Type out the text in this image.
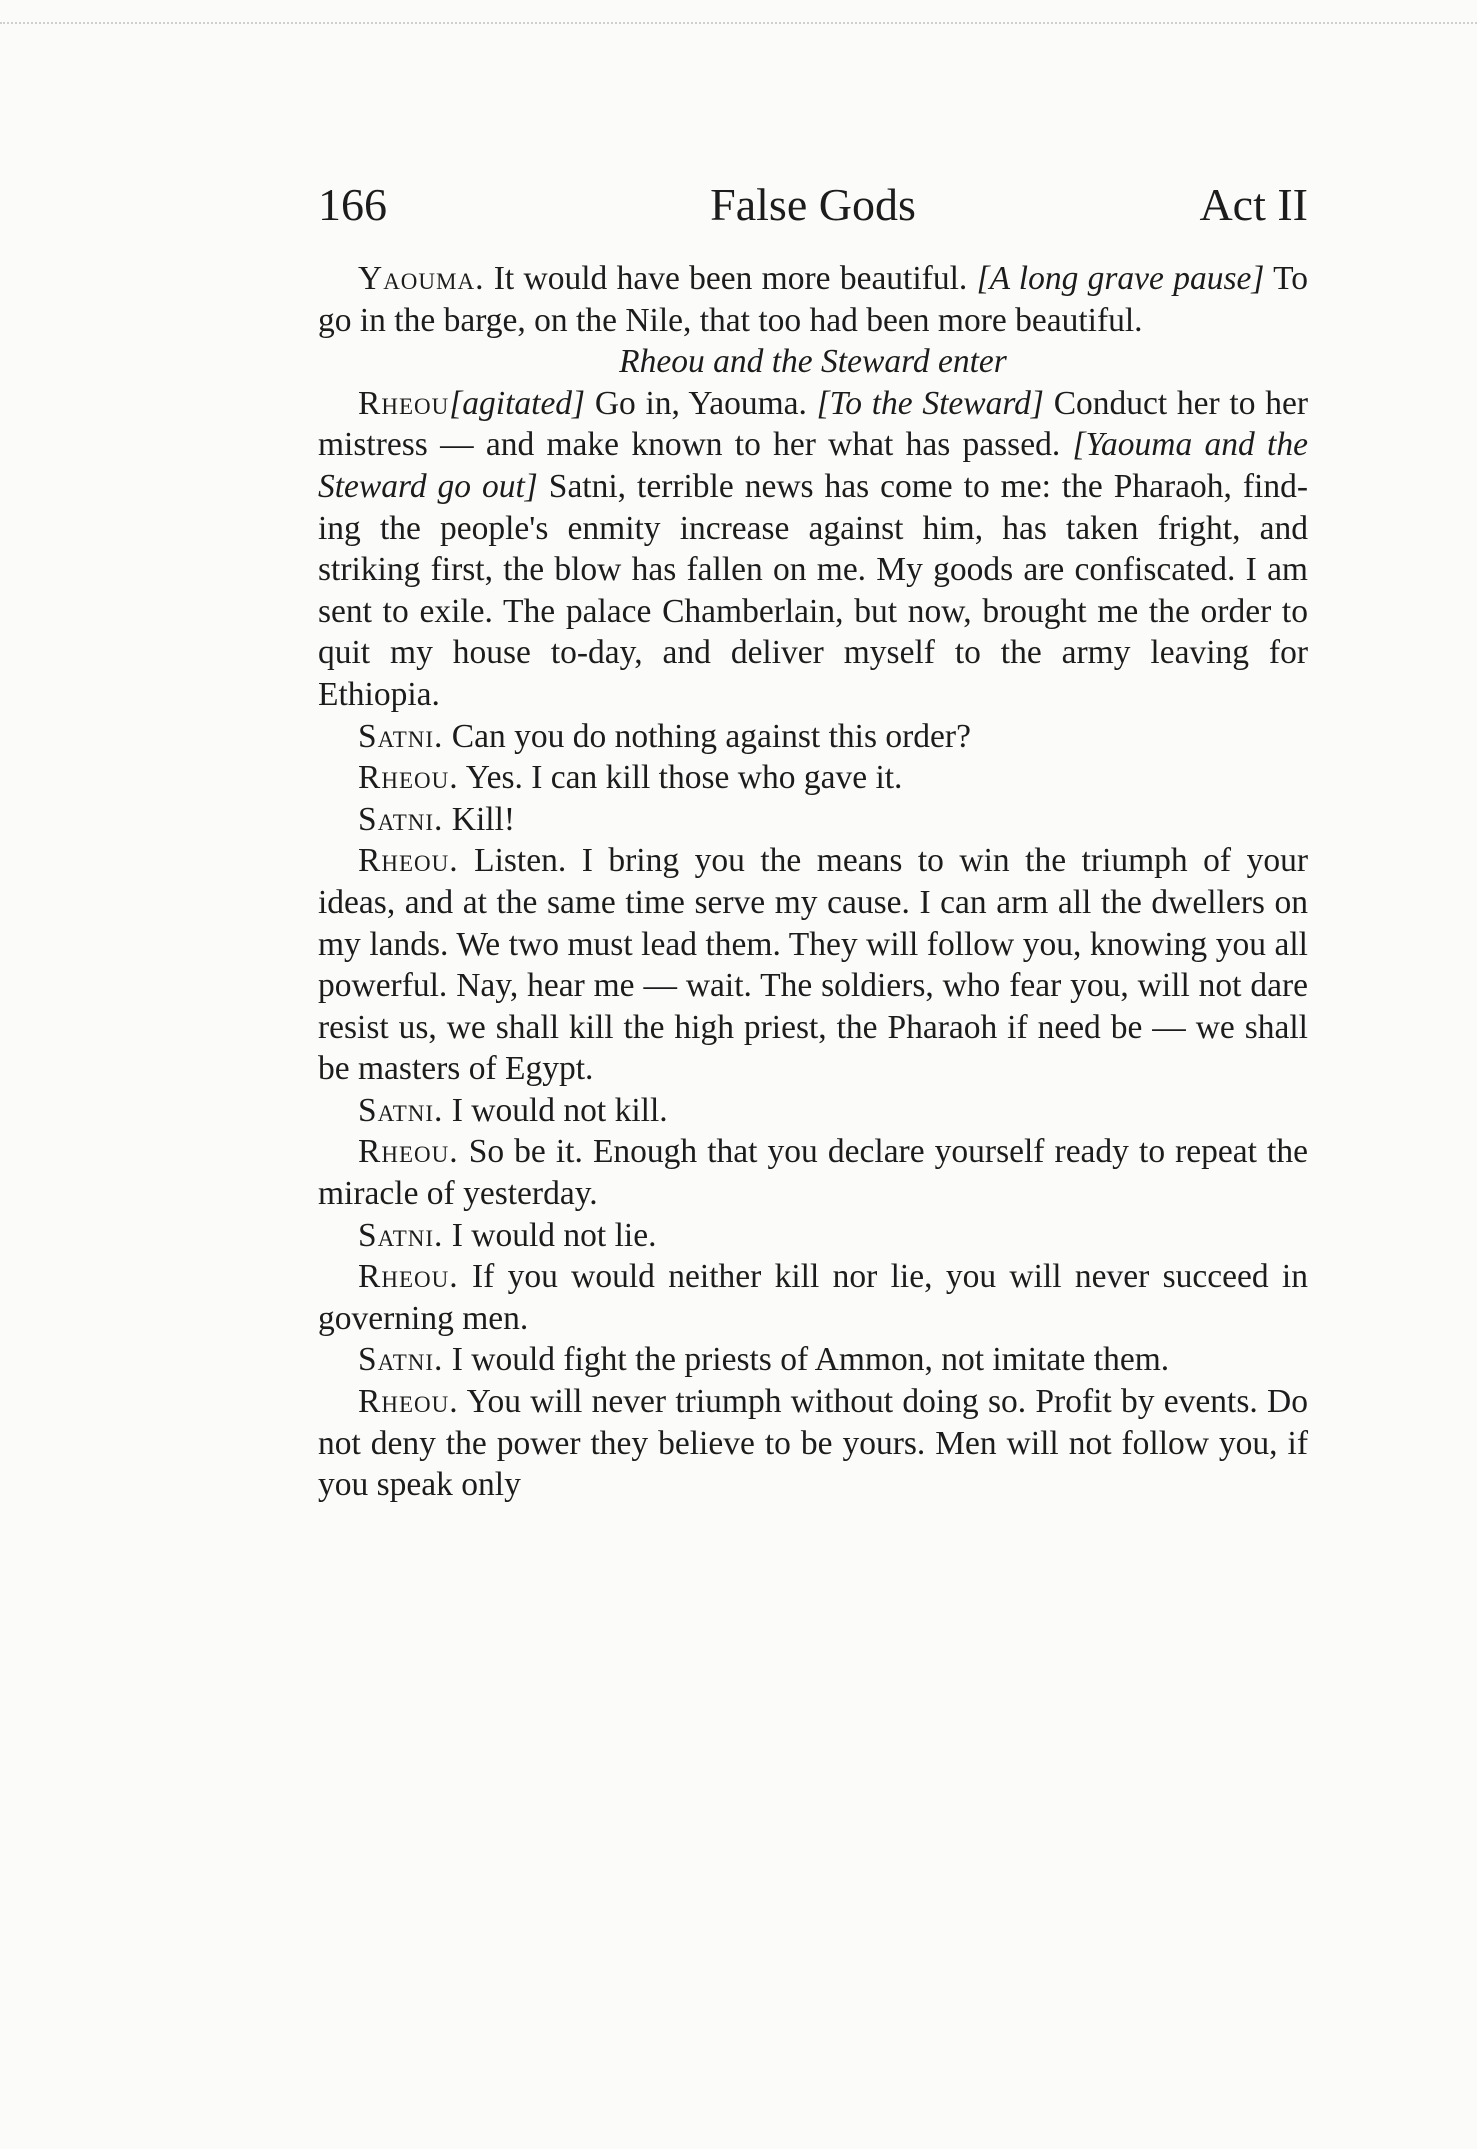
166	False Gods	Act II

Yaouma. It would have been more beautiful. [A long grave pause] To go in the barge, on the Nile, that too had been more beautiful.

Rheou and the Steward enter

Rheou[agitated] Go in, Yaouma. [To the Steward] Conduct her to her mistress — and make known to her what has passed. [Yaouma and the Steward go out] Satni, terrible news has come to me: the Pharaoh, finding the people's enmity increase against him, has taken fright, and striking first, the blow has fallen on me. My goods are confiscated. I am sent to exile. The palace Chamberlain, but now, brought me the order to quit my house to-day, and deliver myself to the army leaving for Ethiopia.

Satni. Can you do nothing against this order?

Rheou. Yes. I can kill those who gave it.

Satni. Kill!

Rheou. Listen. I bring you the means to win the triumph of your ideas, and at the same time serve my cause. I can arm all the dwellers on my lands. We two must lead them. They will follow you, knowing you all powerful. Nay, hear me — wait. The soldiers, who fear you, will not dare resist us, we shall kill the high priest, the Pharaoh if need be — we shall be masters of Egypt.

Satni. I would not kill.

Rheou. So be it. Enough that you declare yourself ready to repeat the miracle of yesterday.

Satni. I would not lie.

Rheou. If you would neither kill nor lie, you will never succeed in governing men.

Satni. I would fight the priests of Ammon, not imitate them.

Rheou. You will never triumph without doing so. Profit by events. Do not deny the power they believe to be yours. Men will not follow you, if you speak only
